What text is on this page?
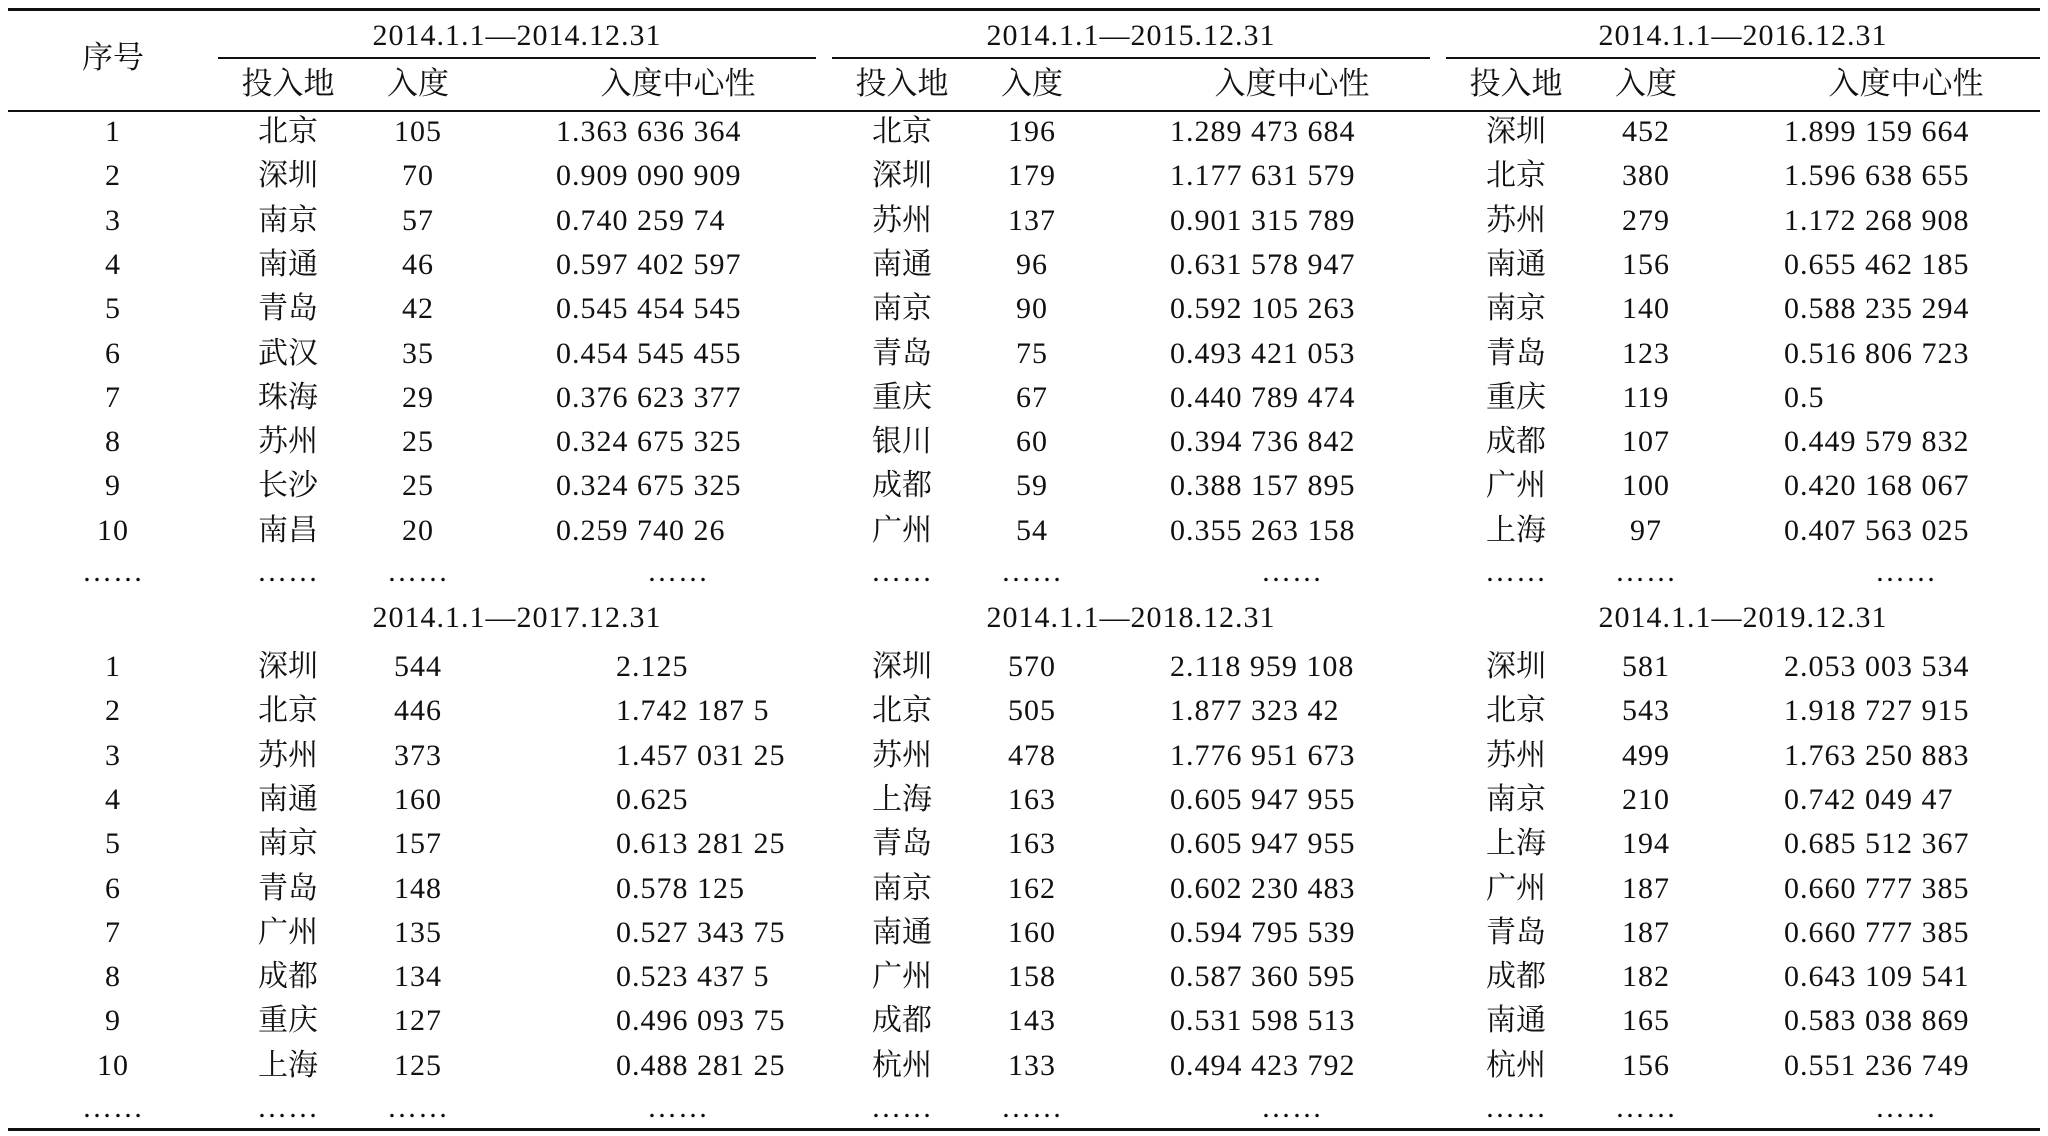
序号
投入地	入度	入度中心性	投入地	入度	入度中心性	投入地	入度	入度中心性
2014.1.1—2014.12.31	2014.1.1—2015.12.31	2014.1.1—2016.12.31
1	北京	105	1.363 636 364	北京	196	1.289 473 684	深圳	452	1.899 159 664
2	深圳	70	0.909 090 909	深圳	179	1.177 631 579	北京	380	1.596 638 655
3	南京	57	0.740 259 74	苏州	137	0.901 315 789	苏州	279	1.172 268 908
4	南通	46	0.597 402 597	南通	96	0.631 578 947	南通	156	0.655 462 185
5	青岛	42	0.545 454 545	南京	90	0.592 105 263	南京	140	0.588 235 294
6	武汉	35	0.454 545 455	青岛	75	0.493 421 053	青岛	123	0.516 806 723
7	珠海	29	0.376 623 377	重庆	67	0.440 789 474	重庆	119	0.5
8	苏州	25	0.324 675 325	银川	60	0.394 736 842	成都	107	0.449 579 832
9	长沙	25	0.324 675 325	成都	59	0.388 157 895	广州	100	0.420 168 067
10	南昌	20	0.259 740 26	广州	54	0.355 263 158	上海	97	0.407 563 025
……	……	……	……	……	……	……	……	……	……
2014.1.1—2017.12.31	2014.1.1—2018.12.31	2014.1.1—2019.12.31
1	深圳	544	2.125	深圳	570	2.118 959 108	深圳	581	2.053 003 534
2	北京	446	1.742 187 5	北京	505	1.877 323 42	北京	543	1.918 727 915
3	苏州	373	1.457 031 25	苏州	478	1.776 951 673	苏州	499	1.763 250 883
4	南通	160	0.625	上海	163	0.605 947 955	南京	210	0.742 049 47
5	南京	157	0.613 281 25	青岛	163	0.605 947 955	上海	194	0.685 512 367
6	青岛	148	0.578 125	南京	162	0.602 230 483	广州	187	0.660 777 385
7	广州	135	0.527 343 75	南通	160	0.594 795 539	青岛	187	0.660 777 385
8	成都	134	0.523 437 5	广州	158	0.587 360 595	成都	182	0.643 109 541
9	重庆	127	0.496 093 75	成都	143	0.531 598 513	南通	165	0.583 038 869
10	上海	125	0.488 281 25	杭州	133	0.494 423 792	杭州	156	0.551 236 749
……	……	……	……	……	……	……	……	……	……
